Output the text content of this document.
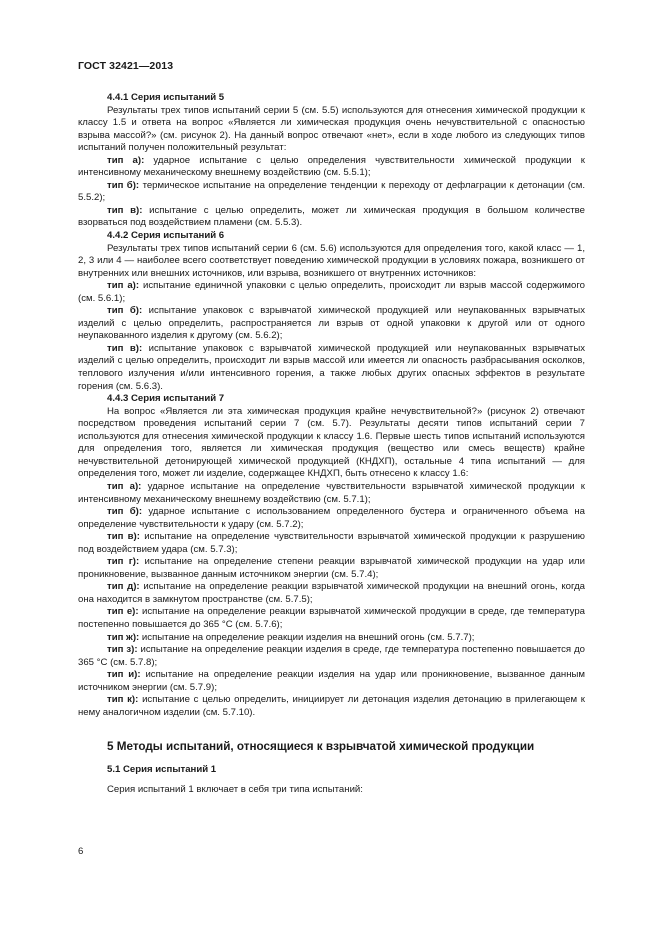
ГОСТ 32421—2013

4.4.1 Серия испытаний 5

Результаты трех типов испытаний серии 5 (см. 5.5) используются для отнесения химической продукции к классу 1.5 и ответа на вопрос «Является ли химическая продукция очень нечувствительной с опасностью взрыва массой?» (см. рисунок 2). На данный вопрос отвечают «нет», если в ходе любого из следующих типов испытаний получен положительный результат:

тип а): ударное испытание с целью определения чувствительности химической продукции к интенсивному механическому внешнему воздействию (см. 5.5.1);

тип б): термическое испытание на определение тенденции к переходу от дефлаграции к детонации (см. 5.5.2);

тип в): испытание с целью определить, может ли химическая продукция в большом количестве взорваться под воздействием пламени (см. 5.5.3).

4.4.2 Серия испытаний 6

Результаты трех типов испытаний серии 6 (см. 5.6) используются для определения того, какой класс — 1, 2, 3 или 4 — наиболее всего соответствует поведению химической продукции в условиях пожара, возникшего от внутренних или внешних источников, или взрыва, возникшего от внутренних источников:

тип а): испытание единичной упаковки с целью определить, происходит ли взрыв массой содержимого (см. 5.6.1);

тип б): испытание упаковок с взрывчатой химической продукцией или неупакованных взрывчатых изделий с целью определить, распространяется ли взрыв от одной упаковки к другой или от одного неупакованного изделия к другому (см. 5.6.2);

тип в): испытание упаковок с взрывчатой химической продукцией или неупакованных взрывчатых изделий с целью определить, происходит ли взрыв массой или имеется ли опасность разбрасывания осколков, теплового излучения и/или интенсивного горения, а также любых других опасных эффектов в результате горения (см. 5.6.3).

4.4.3 Серия испытаний 7

На вопрос «Является ли эта химическая продукция крайне нечувствительной?» (рисунок 2) отвечают посредством проведения испытаний серии 7 (см. 5.7). Результаты десяти типов испытаний серии 7 используются для отнесения химической продукции к классу 1.6. Первые шесть типов испытаний используются для определения того, является ли химическая продукция (вещество или смесь веществ) крайне нечувствительной детонирующей химической продукцией (КНДХП), остальные 4 типа испытаний — для определения того, может ли изделие, содержащее КНДХП, быть отнесено к классу 1.6:

тип а): ударное испытание на определение чувствительности взрывчатой химической продукции к интенсивному механическому внешнему воздействию (см. 5.7.1);

тип б): ударное испытание с использованием определенного бустера и ограниченного объема на определение чувствительности к удару (см. 5.7.2);

тип в): испытание на определение чувствительности взрывчатой химической продукции к разрушению под воздействием удара (см. 5.7.3);

тип г): испытание на определение степени реакции взрывчатой химической продукции на удар или проникновение, вызванное данным источником энергии (см. 5.7.4);

тип д): испытание на определение реакции взрывчатой химической продукции на внешний огонь, когда она находится в замкнутом пространстве (см. 5.7.5);

тип е): испытание на определение реакции взрывчатой химической продукции в среде, где температура постепенно повышается до 365 °С (см. 5.7.6);

тип ж): испытание на определение реакции изделия на внешний огонь (см. 5.7.7);

тип з): испытание на определение реакции изделия в среде, где температура постепенно повышается до 365 °С (см. 5.7.8);

тип и): испытание на определение реакции изделия на удар или проникновение, вызванное данным источником энергии (см. 5.7.9);

тип к): испытание с целью определить, инициирует ли детонация изделия детонацию в прилегающем к нему аналогичном изделии (см. 5.7.10).

5 Методы испытаний, относящиеся к взрывчатой химической продукции

5.1 Серия испытаний 1

Серия испытаний 1 включает в себя три типа испытаний:

6
